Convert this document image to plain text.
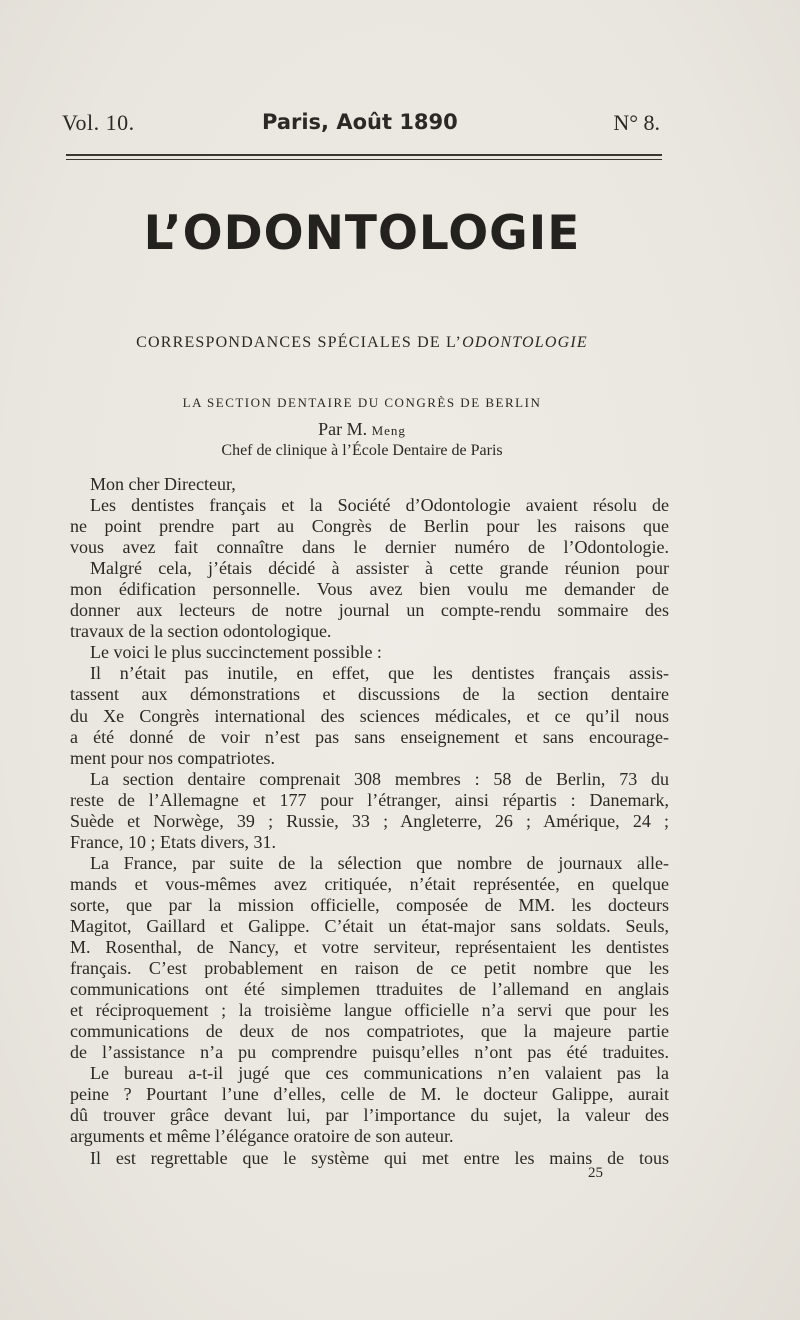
Vol. 10.	Paris, Août 1890	N° 8.
L’ODONTOLOGIE
CORRESPONDANCES SPÉCIALES DE L’ODONTOLOGIE
LA SECTION DENTAIRE DU CONGRÈS DE BERLIN
Par M. Meng
Chef de clinique à l’École Dentaire de Paris
Mon cher Directeur,
Les dentistes français et la Société d’Odontologie avaient résolu de
ne point prendre part au Congrès de Berlin pour les raisons que
vous avez fait connaître dans le dernier numéro de l’Odontologie.
Malgré cela, j’étais décidé à assister à cette grande réunion pour
mon édification personnelle. Vous avez bien voulu me demander de
donner aux lecteurs de notre journal un compte-rendu sommaire des
travaux de la section odontologique.
Le voici le plus succinctement possible :
Il n’était pas inutile, en effet, que les dentistes français assis-
tassent aux démonstrations et discussions de la section dentaire
du Xe Congrès international des sciences médicales, et ce qu’il nous
a été donné de voir n’est pas sans enseignement et sans encourage-
ment pour nos compatriotes.
La section dentaire comprenait 308 membres : 58 de Berlin, 73 du
reste de l’Allemagne et 177 pour l’étranger, ainsi répartis : Danemark,
Suède et Norwège, 39 ; Russie, 33 ; Angleterre, 26 ; Amérique, 24 ;
France, 10 ; Etats divers, 31.
La France, par suite de la sélection que nombre de journaux alle-
mands et vous-mêmes avez critiquée, n’était représentée, en quelque
sorte, que par la mission officielle, composée de MM. les docteurs
Magitot, Gaillard et Galippe. C’était un état-major sans soldats. Seuls,
M. Rosenthal, de Nancy, et votre serviteur, représentaient les dentistes
français. C’est probablement en raison de ce petit nombre que les
communications ont été simplemen ttraduites de l’allemand en anglais
et réciproquement ; la troisième langue officielle n’a servi que pour les
communications de deux de nos compatriotes, que la majeure partie
de l’assistance n’a pu comprendre puisqu’elles n’ont pas été traduites.
Le bureau a-t-il jugé que ces communications n’en valaient pas la
peine ? Pourtant l’une d’elles, celle de M. le docteur Galippe, aurait
dû trouver grâce devant lui, par l’importance du sujet, la valeur des
arguments et même l’élégance oratoire de son auteur.
Il est regrettable que le système qui met entre les mains de tous
25
